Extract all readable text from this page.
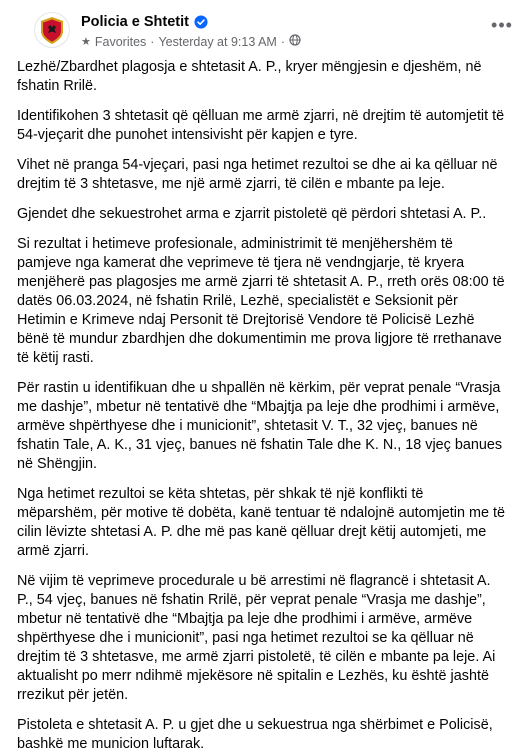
Policia e Shtetit
★ Favorites · Yesterday at 9:13 AM ·
•••

Lezhë/Zbardhet plagosja e shtetasit A. P., kryer mëngjesin e djeshëm, në fshatin Rrilë.

Identifikohen 3 shtetasit që qëlluan me armë zjarri, në drejtim të automjetit të 54-vjeçarit dhe punohet intensivisht për kapjen e tyre.

Vihet në pranga 54-vjeçari, pasi nga hetimet rezultoi se dhe ai ka qëlluar në drejtim të 3 shtetasve, me një armë zjarri, të cilën e mbante pa leje.

Gjendet dhe sekuestrohet arma e zjarrit pistoletë që përdori shtetasi A. P..

Si rezultat i hetimeve profesionale, administrimit të menjëhershëm të pamjeve nga kamerat dhe veprimeve të tjera në vendngjarje, të kryera menjëherë pas plagosjes me armë zjarri të shtetasit A. P., rreth orës 08:00 të datës 06.03.2024, në fshatin Rrilë, Lezhë, specialistët e Seksionit për Hetimin e Krimeve ndaj Personit të Drejtorisë Vendore të Policisë Lezhë bënë të mundur zbardhjen dhe dokumentimin me prova ligjore të rrethanave të këtij rasti.

Për rastin u identifikuan dhe u shpallën në kërkim, për veprat penale “Vrasja me dashje”, mbetur në tentativë dhe “Mbajtja pa leje dhe prodhimi i armëve, armëve shpërthyese dhe i municionit”, shtetasit V. T., 32 vjeç, banues në fshatin Tale, A. K., 31 vjeç, banues në fshatin Tale dhe K. N., 18 vjeç banues në Shëngjin.

Nga hetimet rezultoi se këta shtetas, për shkak të një konflikti të mëparshëm, për motive të dobëta, kanë tentuar të ndalojnë automjetin me të cilin lëvizte shtetasi A. P. dhe më pas kanë qëlluar drejt këtij automjeti, me armë zjarri.

Në vijim të veprimeve procedurale u bë arrestimi në flagrancë i shtetasit A. P., 54 vjeç, banues në fshatin Rrilë, për veprat penale “Vrasja me dashje”, mbetur në tentativë dhe “Mbajtja pa leje dhe prodhimi i armëve, armëve shpërthyese dhe i municionit”, pasi nga hetimet rezultoi se ka qëlluar në drejtim të 3 shtetasve, me armë zjarri pistoletë, të cilën e mbante pa leje. Ai aktualisht po merr ndihmë mjekësore në spitalin e Lezhës, ku është jashtë rrezikut për jetën.

Pistoleta e shtetasit A. P. u gjet dhe u sekuestrua nga shërbimet e Policisë, bashkë me municion luftarak.
